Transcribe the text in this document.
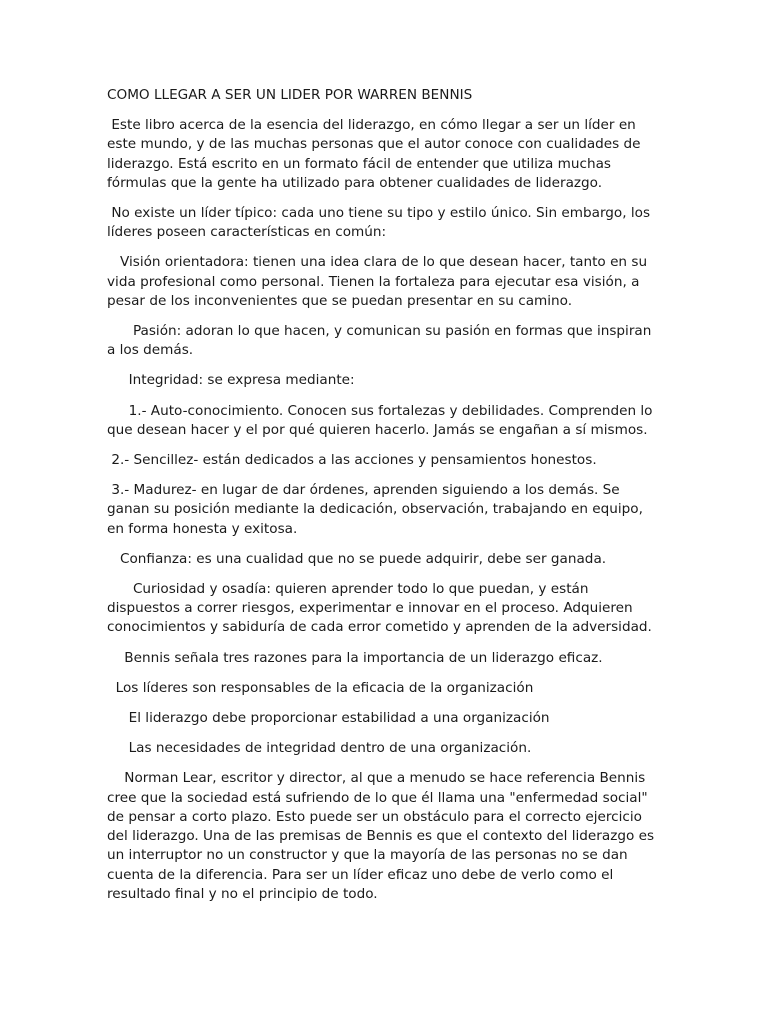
COMO LLEGAR A SER UN LIDER POR WARREN BENNIS

Este libro acerca de la esencia del liderazgo, en cómo llegar a ser un líder en este mundo, y de las muchas personas que el autor conoce con cualidades de liderazgo. Está escrito en un formato fácil de entender que utiliza muchas fórmulas que la gente ha utilizado para obtener cualidades de liderazgo.

No existe un líder típico: cada uno tiene su tipo y estilo único. Sin embargo, los líderes poseen características en común:

Visión orientadora: tienen una idea clara de lo que desean hacer, tanto en su vida profesional como personal. Tienen la fortaleza para ejecutar esa visión, a pesar de los inconvenientes que se puedan presentar en su camino.

Pasión: adoran lo que hacen, y comunican su pasión en formas que inspiran a los demás.

Integridad: se expresa mediante:

1.- Auto-conocimiento. Conocen sus fortalezas y debilidades. Comprenden lo que desean hacer y el por qué quieren hacerlo. Jamás se engañan a sí mismos.

2.- Sencillez- están dedicados a las acciones y pensamientos honestos.

3.- Madurez- en lugar de dar órdenes, aprenden siguiendo a los demás. Se ganan su posición mediante la dedicación, observación, trabajando en equipo, en forma honesta y exitosa.

Confianza: es una cualidad que no se puede adquirir, debe ser ganada.

Curiosidad y osadía: quieren aprender todo lo que puedan, y están dispuestos a correr riesgos, experimentar e innovar en el proceso. Adquieren conocimientos y sabiduría de cada error cometido y aprenden de la adversidad.

Bennis señala tres razones para la importancia de un liderazgo eficaz.

Los líderes son responsables de la eficacia de la organización

El liderazgo debe proporcionar estabilidad a una organización

Las necesidades de integridad dentro de una organización.

Norman Lear, escritor y director, al que a menudo se hace referencia Bennis cree que la sociedad está sufriendo de lo que él llama una "enfermedad social" de pensar a corto plazo. Esto puede ser un obstáculo para el correcto ejercicio del liderazgo. Una de las premisas de Bennis es que el contexto del liderazgo es un interruptor no un constructor y que la mayoría de las personas no se dan cuenta de la diferencia. Para ser un líder eficaz uno debe de verlo como el resultado final y no el principio de todo.
